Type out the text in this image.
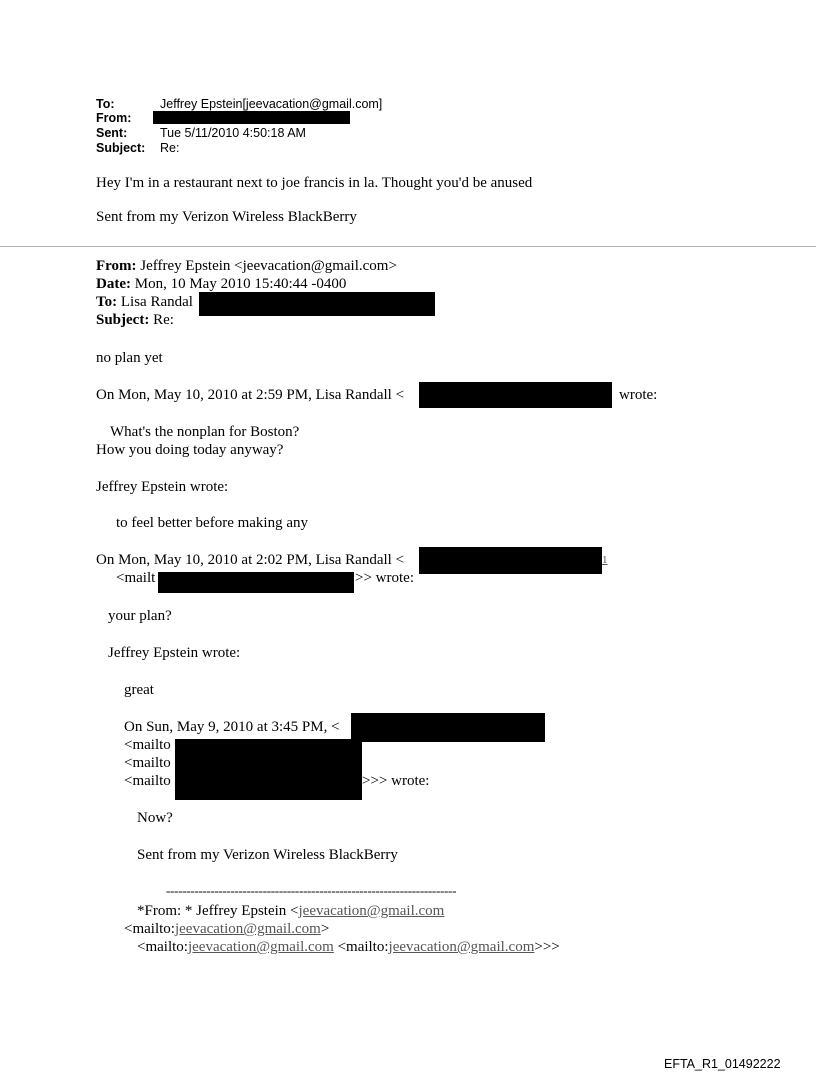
To:	Jeffrey Epstein[jeevacation@gmail.com]
From:
Sent:	Tue 5/11/2010 4:50:18 AM
Subject: Re:
Hey I'm in a restaurant next to joe francis in la. Thought you'd be anused
Sent from my Verizon Wireless BlackBerry
From: Jeffrey Epstein <jeevacation@gmail.com>
Date: Mon, 10 May 2010 15:40:44 -0400
To: Lisa Randal
Subject: Re:
no plan yet
On Mon, May 10, 2010 at 2:59 PM, Lisa Randall <	wrote:
What's the nonplan for Boston?
How you doing today anyway?
Jeffrey Epstein wrote:
to feel better before making any
On Mon, May 10, 2010 at 2:02 PM, Lisa Randall <	1
<mailt	>> wrote:
your plan?
Jeffrey Epstein wrote:
great
On Sun, May 9, 2010 at 3:45 PM, <
<mailto
<mailto
<mailto	>>> wrote:
Now?
Sent from my Verizon Wireless BlackBerry
------------------------------------------------------------------------
*From: * Jeffrey Epstein <jeevacation@gmail.com
<mailto:jeevacation@gmail.com>
<mailto:jeevacation@gmail.com <mailto:jeevacation@gmail.com>>>
EFTA_R1_01492222
